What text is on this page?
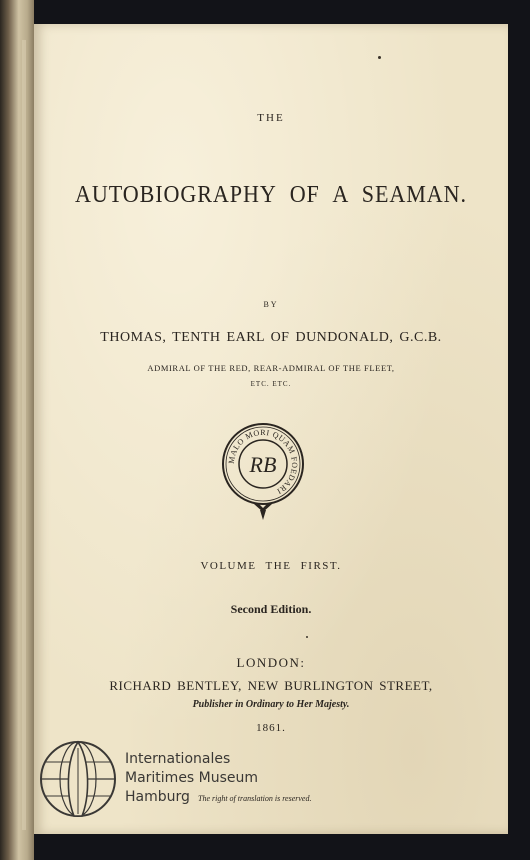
THE
AUTOBIOGRAPHY OF A SEAMAN.
BY
THOMAS, TENTH EARL OF DUNDONALD, G.C.B.
ADMIRAL OF THE RED, REAR-ADMIRAL OF THE FLEET,
ETC. ETC.
MALO MORI QUAM FOEDARI
RB
VOLUME THE FIRST.
Second Edition.
LONDON:
RICHARD BENTLEY, NEW BURLINGTON STREET,
Publisher in Ordinary to Her Majesty.
1861.
The right of translation is reserved.
Internationales
Maritimes Museum
Hamburg
